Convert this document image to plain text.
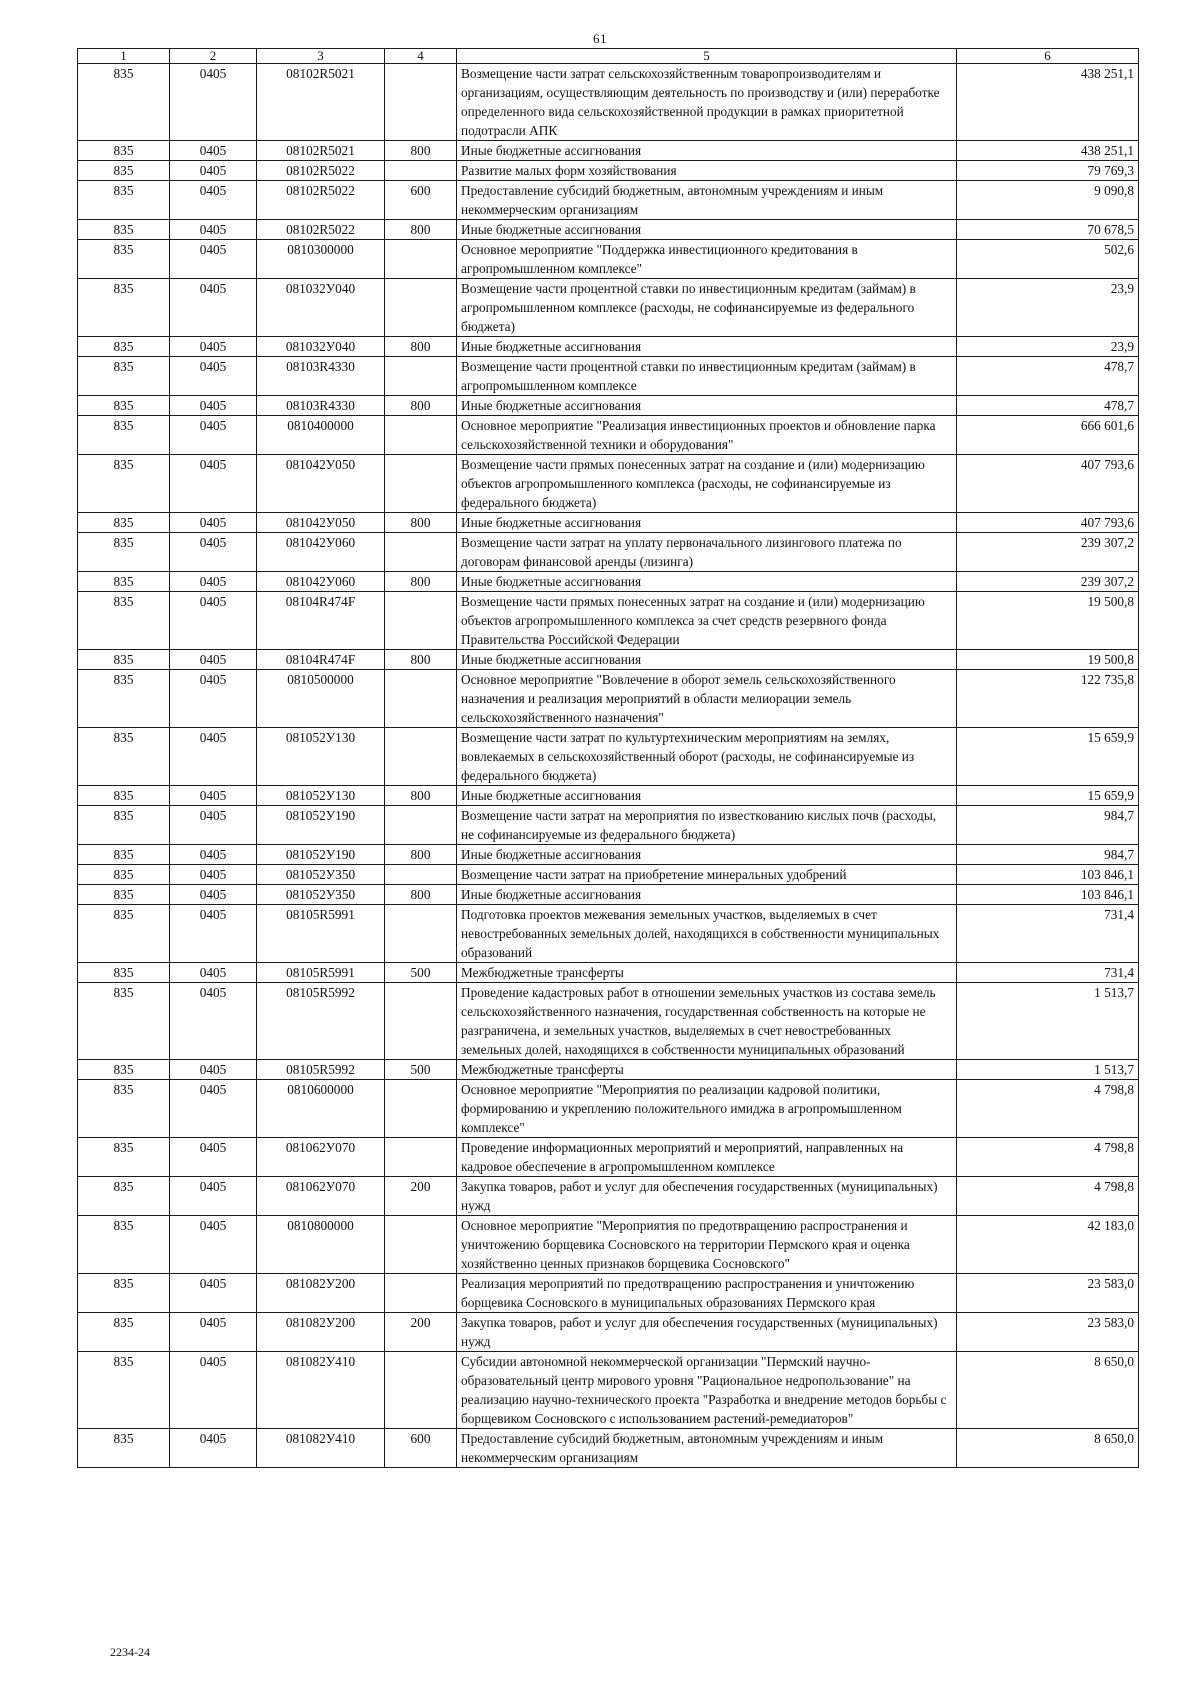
61
1	2	3	4	5	6
835	0405	08102R5021		Возмещение части затрат сельскохозяйственным товаропроизводителям и организациям, осуществляющим деятельность по производству и (или) переработке определенного вида сельскохозяйственной продукции в рамках приоритетной подотрасли АПК	438 251,1
835	0405	08102R5021	800	Иные бюджетные ассигнования	438 251,1
835	0405	08102R5022		Развитие малых форм хозяйствования	79 769,3
835	0405	08102R5022	600	Предоставление субсидий бюджетным, автономным учреждениям и иным некоммерческим организациям	9 090,8
835	0405	08102R5022	800	Иные бюджетные ассигнования	70 678,5
835	0405	0810300000		Основное мероприятие "Поддержка инвестиционного кредитования в агропромышленном комплексе"	502,6
835	0405	081032У040		Возмещение части процентной ставки по инвестиционным кредитам (займам) в агропромышленном комплексе (расходы, не софинансируемые из федерального бюджета)	23,9
835	0405	081032У040	800	Иные бюджетные ассигнования	23,9
835	0405	08103R4330		Возмещение части процентной ставки по инвестиционным кредитам (займам) в агропромышленном комплексе	478,7
835	0405	08103R4330	800	Иные бюджетные ассигнования	478,7
835	0405	0810400000		Основное мероприятие "Реализация инвестиционных проектов и обновление парка сельскохозяйственной техники и оборудования"	666 601,6
835	0405	081042У050		Возмещение части прямых понесенных затрат на создание и (или) модернизацию объектов агропромышленного комплекса (расходы, не софинансируемые из федерального бюджета)	407 793,6
835	0405	081042У050	800	Иные бюджетные ассигнования	407 793,6
835	0405	081042У060		Возмещение части затрат на уплату первоначального лизингового платежа по договорам финансовой аренды (лизинга)	239 307,2
835	0405	081042У060	800	Иные бюджетные ассигнования	239 307,2
835	0405	08104R474F		Возмещение части прямых понесенных затрат на создание и (или) модернизацию объектов агропромышленного комплекса за счет средств резервного фонда Правительства Российской Федерации	19 500,8
835	0405	08104R474F	800	Иные бюджетные ассигнования	19 500,8
835	0405	0810500000		Основное мероприятие "Вовлечение в оборот земель сельскохозяйственного назначения и реализация мероприятий в области мелиорации земель сельскохозяйственного назначения"	122 735,8
835	0405	081052У130		Возмещение части затрат по культуртехническим мероприятиям на землях, вовлекаемых в сельскохозяйственный оборот (расходы, не софинансируемые из федерального бюджета)	15 659,9
835	0405	081052У130	800	Иные бюджетные ассигнования	15 659,9
835	0405	081052У190		Возмещение части затрат на мероприятия по известкованию кислых почв (расходы, не софинансируемые из федерального бюджета)	984,7
835	0405	081052У190	800	Иные бюджетные ассигнования	984,7
835	0405	081052У350		Возмещение части затрат на приобретение минеральных удобрений	103 846,1
835	0405	081052У350	800	Иные бюджетные ассигнования	103 846,1
835	0405	08105R5991		Подготовка проектов межевания земельных участков, выделяемых в счет невостребованных земельных долей, находящихся в собственности муниципальных образований	731,4
835	0405	08105R5991	500	Межбюджетные трансферты	731,4
835	0405	08105R5992		Проведение кадастровых работ в отношении земельных участков из состава земель сельскохозяйственного назначения, государственная собственность на которые не разграничена, и земельных участков, выделяемых в счет невостребованных земельных долей, находящихся в собственности муниципальных образований	1 513,7
835	0405	08105R5992	500	Межбюджетные трансферты	1 513,7
835	0405	0810600000		Основное мероприятие "Мероприятия по реализации кадровой политики, формированию и укреплению положительного имиджа в агропромышленном комплексе"	4 798,8
835	0405	081062У070		Проведение информационных мероприятий и мероприятий, направленных на кадровое обеспечение в агропромышленном комплексе	4 798,8
835	0405	081062У070	200	Закупка товаров, работ и услуг для обеспечения государственных (муниципальных) нужд	4 798,8
835	0405	0810800000		Основное мероприятие "Мероприятия по предотвращению распространения и уничтожению борщевика Сосновского на территории Пермского края и оценка хозяйственно ценных признаков борщевика Сосновского"	42 183,0
835	0405	081082У200		Реализация мероприятий по предотвращению распространения и уничтожению борщевика Сосновского в муниципальных образованиях Пермского края	23 583,0
835	0405	081082У200	200	Закупка товаров, работ и услуг для обеспечения государственных (муниципальных) нужд	23 583,0
835	0405	081082У410		Субсидии автономной некоммерческой организации "Пермский научно-образовательный центр мирового уровня "Рациональное недропользование" на реализацию научно-технического проекта "Разработка и внедрение методов борьбы с борщевиком Сосновского с использованием растений-ремедиаторов"	8 650,0
835	0405	081082У410	600	Предоставление субсидий бюджетным, автономным учреждениям и иным некоммерческим организациям	8 650,0
2234-24
